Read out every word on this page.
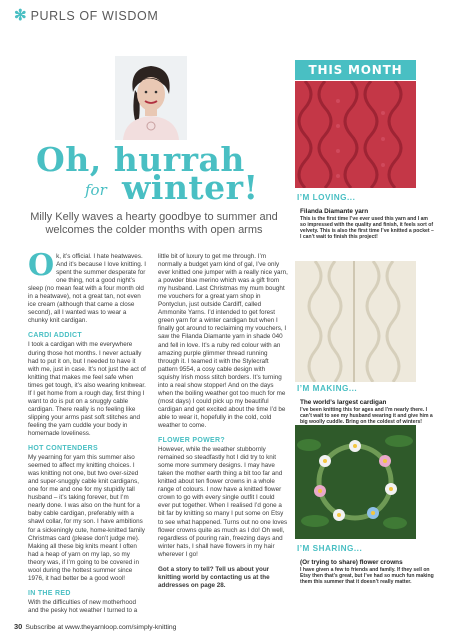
✻ PURLS OF WISDOM
Oh, hurrah
for winter!
Milly Kelly waves a hearty goodbye to summer and welcomes the colder months with open arms

Ok, it’s official. I hate heatwaves. And it’s because I love knitting. I spent the summer desperate for one thing, not a good night’s sleep (no mean feat with a four month old in a heatwave), not a great tan, not even ice cream (although that came a close second), all I wanted was to wear a chunky knit cardigan.

CARDI ADDICT

I took a cardigan with me everywhere during those hot months. I never actually had to put it on, but I needed to have it with me, just in case. It’s not just the act of knitting that makes me feel safe when times get tough, it’s also wearing knitwear. If I get home from a rough day, first thing I want to do is put on a snuggly cable cardigan. There really is no feeling like slipping your arms past soft stitches and feeling the yarn cuddle your body in homemade loveliness.

HOT CONTENDERS

My yearning for yarn this summer also seemed to affect my knitting choices. I was knitting not one, but two over-sized and super-snuggly cable knit cardigans, one for me and one for my stupidly tall husband – it’s taking forever, but I’m nearly done. I was also on the hunt for a baby cable cardigan, preferably with a shawl collar, for my son. I have ambitions for a sickeningly cute, home-knitted family Christmas card (please don’t judge me). Making all these big knits meant I often had a heap of yarn on my lap, so my theory was, if I’m going to be covered in wool during the hottest summer since 1976, it had better be a good wool!

IN THE RED

With the difficulties of new motherhood and the pesky hot weather I turned to a

little bit of luxury to get me through. I’m normally a budget yarn kind of gal, I’ve only ever knitted one jumper with a really nice yarn, a powder blue merino which was a gift from my husband. Last Christmas my mum bought me vouchers for a great yarn shop in Pontyclun, just outside Cardiff, called Ammonite Yarns. I’d intended to get forest green yarn for a winter cardigan but when I finally got around to reclaiming my vouchers, I saw the Filanda Diamante yarn in shade 040 and fell in love. It’s a ruby red colour with an amazing purple glimmer thread running through it. I teamed it with the Stylecraft pattern 9554, a cosy cable design with squishy Irish moss stitch borders. It’s turning into a real show stopper! And on the days when the boiling weather got too much for me (most days) I could pick up my beautiful cardigan and get excited about the time I’d be able to wear it, hopefully in the cold, cold weather to come.

FLOWER POWER?

However, while the weather stubbornly remained so steadfastly hot I did try to knit some more summery designs. I may have taken the mother earth thing a bit too far and knitted about ten flower crowns in a whole range of colours. I now have a knitted flower crown to go with every single outfit I could ever put together. When I realised I’d gone a bit far by knitting so many I put some on Etsy to see what happened. Turns out no one loves flower crowns quite as much as I do! Oh well, regardless of pouring rain, freezing days and winter hats, I shall have flowers in my hair wherever I go!

Got a story to tell? Tell us about your knitting world by contacting us at the addresses on page 28.

THIS MONTH
I’M LOVING...
Filanda Diamante yarn
This is the first time I’ve ever used this yarn and I am so impressed with the quality and finish, it feels sort of velvety. This is also the first time I’ve knitted a pocket – I can’t wait to finish this project!
I’M MAKING...
The world’s largest cardigan
I’ve been knitting this for ages and I’m nearly there. I can’t wait to see my husband wearing it and give him a big woolly cuddle. Bring on the coldest of winters!
I’M SHARING...
(Or trying to share) flower crowns
I have given a few to friends and family. If they sell on Etsy then that’s great, but I’ve had so much fun making them this summer that it doesn’t really matter.
30 Subscribe at www.theyarnloop.com/simply-knitting
